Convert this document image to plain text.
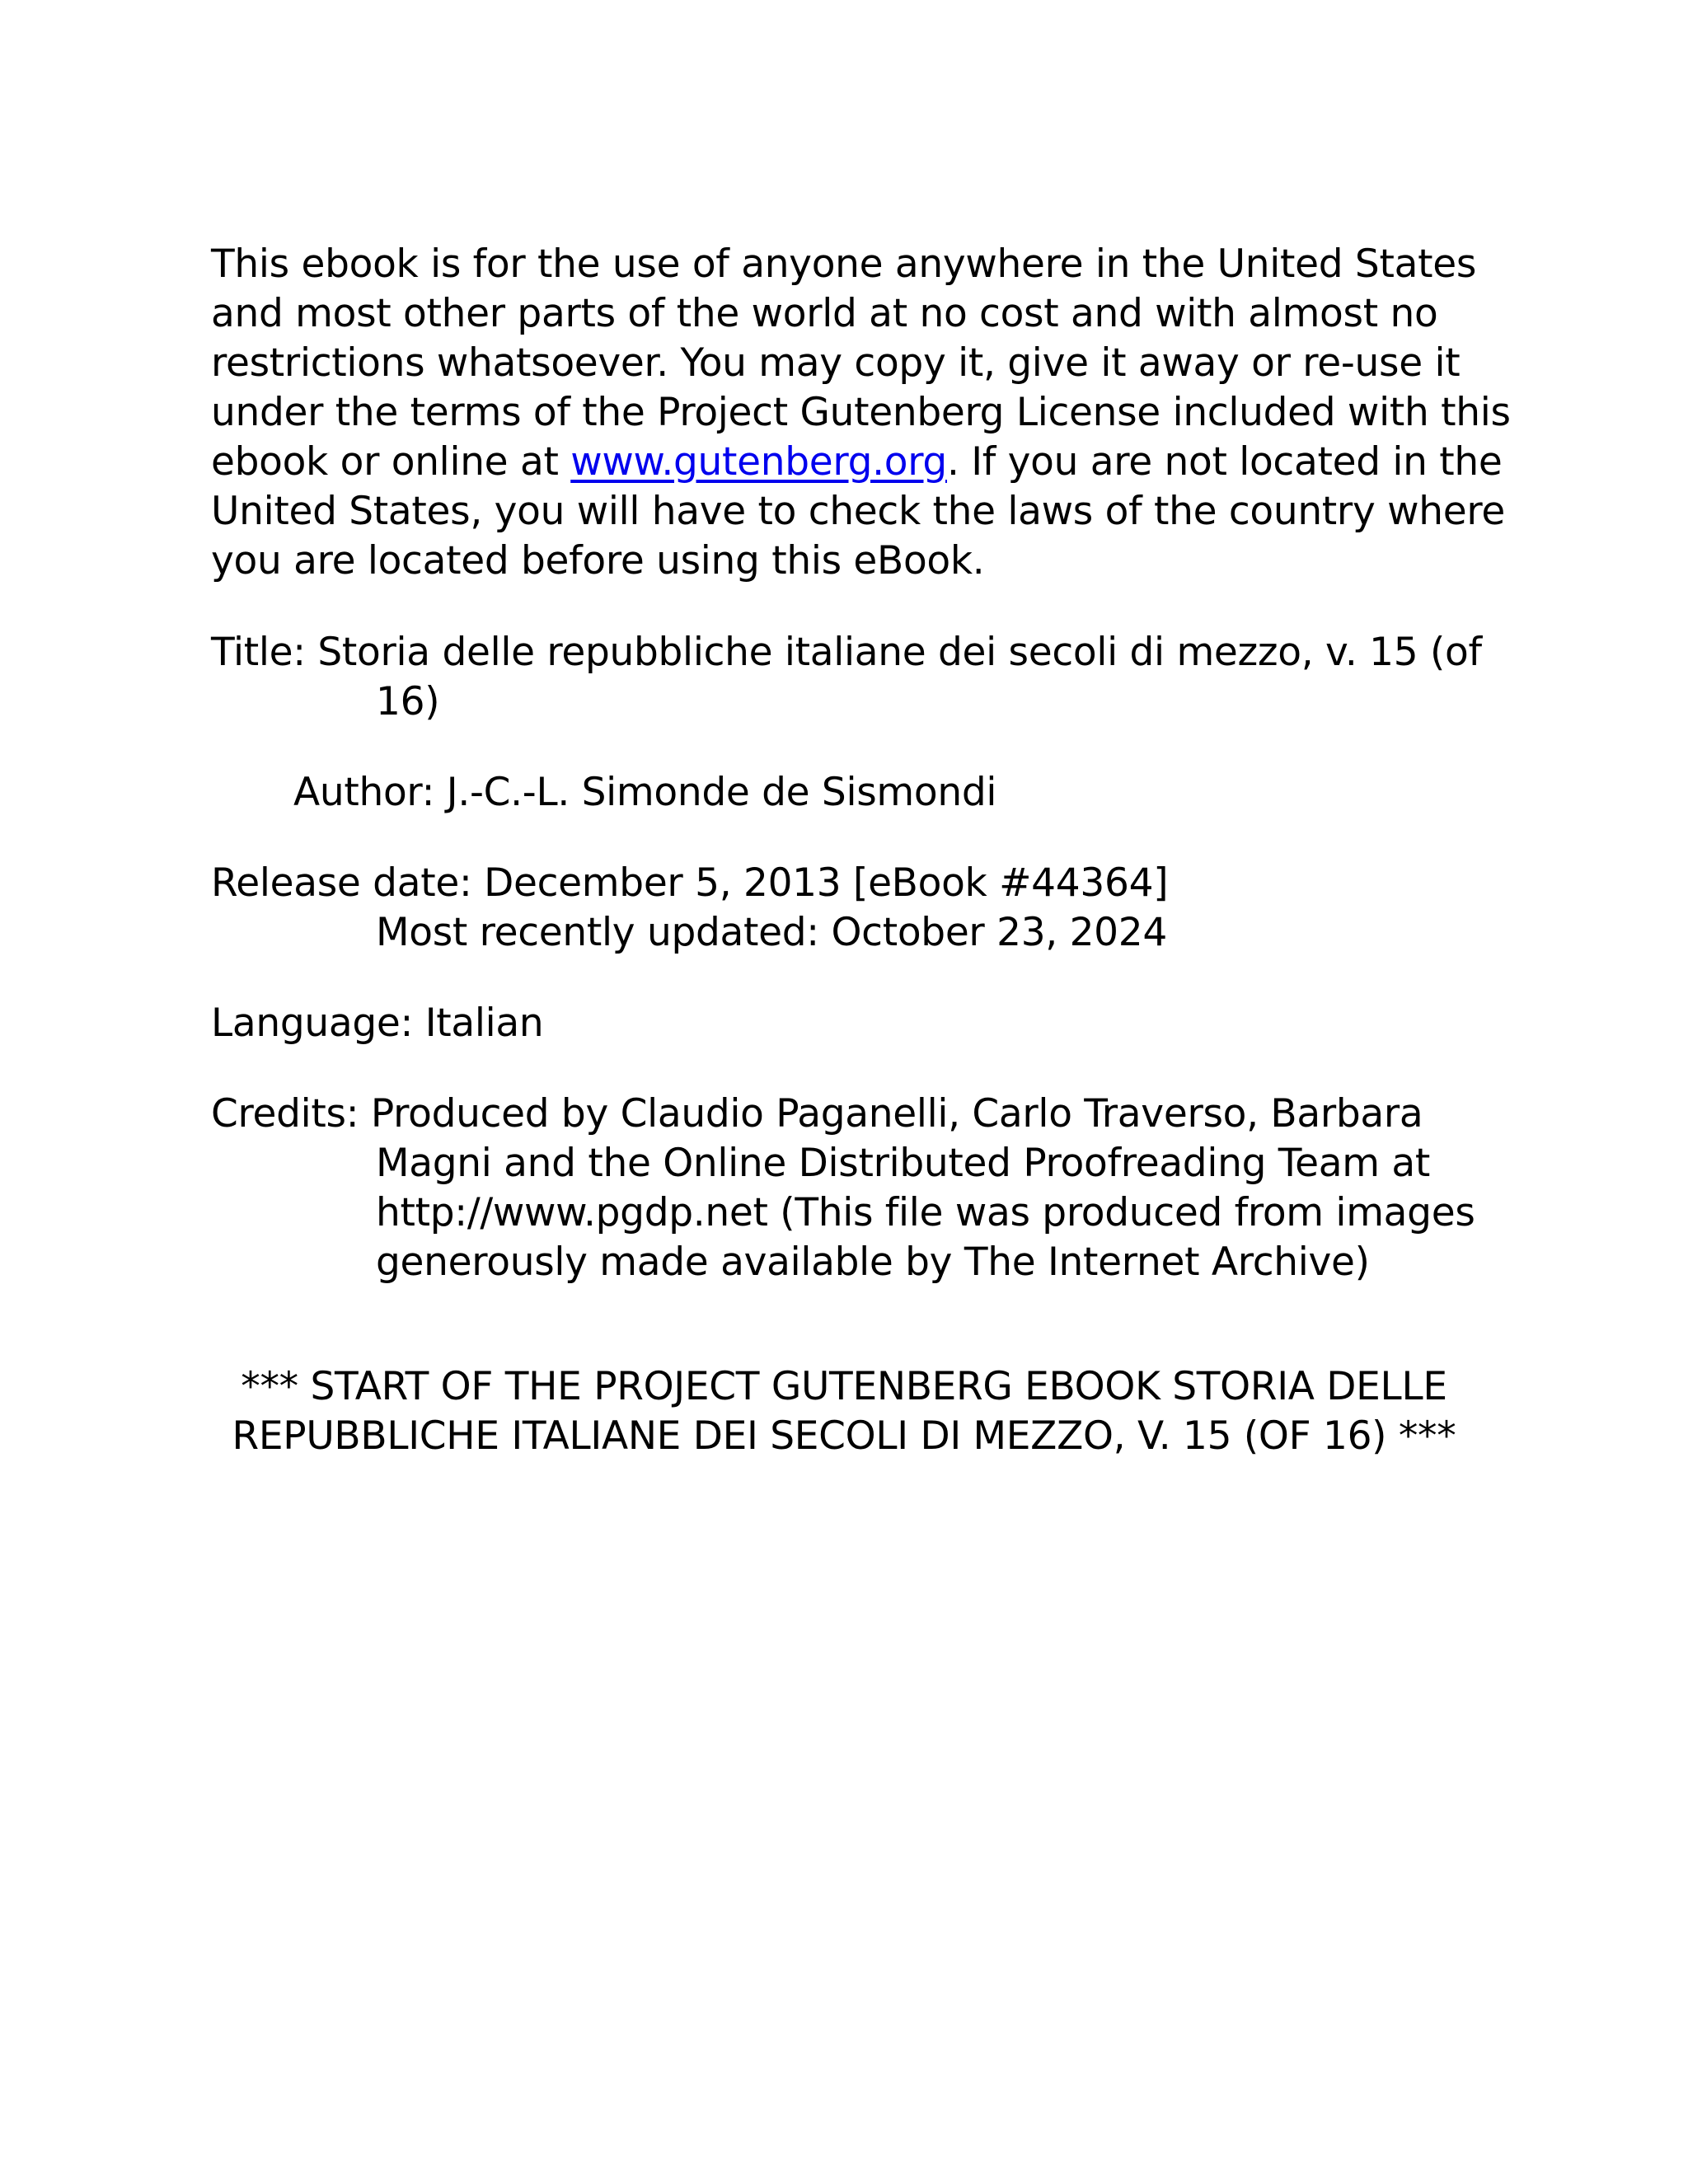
This ebook is for the use of anyone anywhere in the United States

and most other parts of the world at no cost and with almost no

restrictions whatsoever. You may copy it, give it away or re-use it

under the terms of the Project Gutenberg License included with this

ebook or online at www.gutenberg.org. If you are not located in the

United States, you will have to check the laws of the country where

you are located before using this eBook.

Title: Storia delle repubbliche italiane dei secoli di mezzo, v. 15 (of

16)

Author: J.-C.-L. Simonde de Sismondi

Release date: December 5, 2013 [eBook #44364]

Most recently updated: October 23, 2024

Language: Italian

Credits: Produced by Claudio Paganelli, Carlo Traverso, Barbara

Magni and the Online Distributed Proofreading Team at

http://www.pgdp.net (This file was produced from images

generously made available by The Internet Archive)

*** START OF THE PROJECT GUTENBERG EBOOK STORIA DELLE

REPUBBLICHE ITALIANE DEI SECOLI DI MEZZO, V. 15 (OF 16) ***
